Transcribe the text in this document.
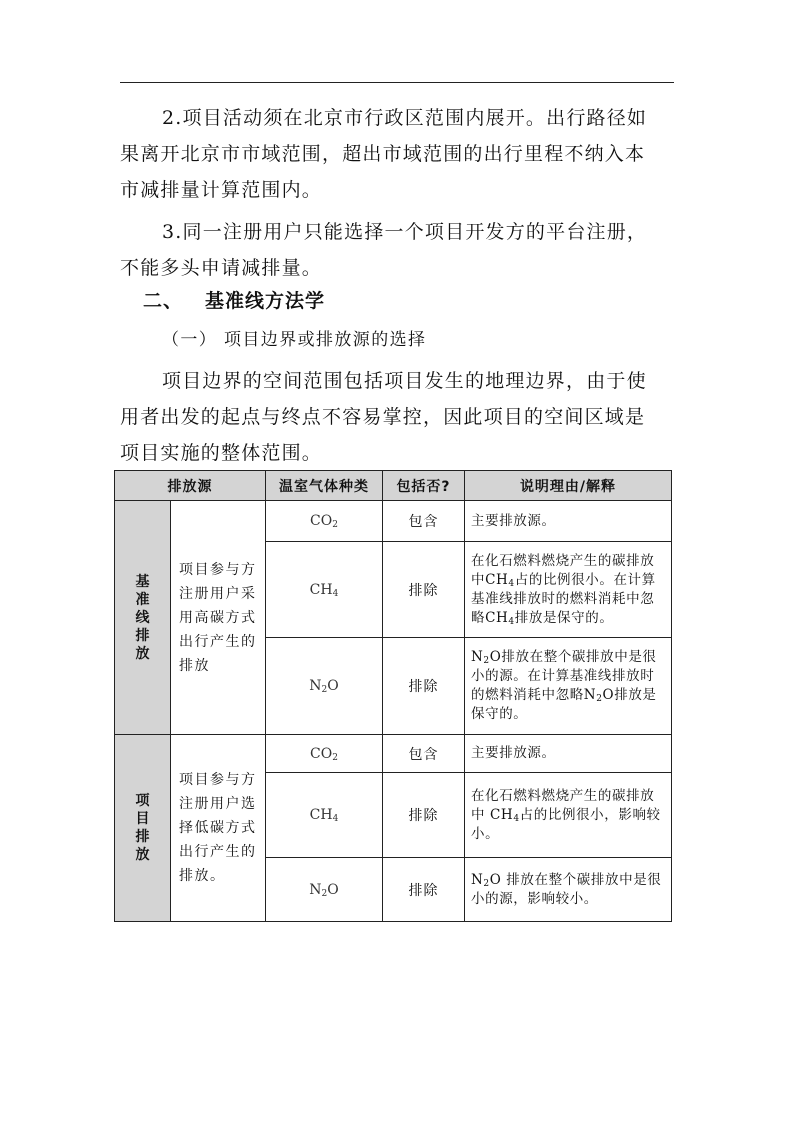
2.项目活动须在北京市行政区范围内展开。出行路径如
果离开北京市市域范围，超出市域范围的出行里程不纳入本
市减排量计算范围内。

3.同一注册用户只能选择一个项目开发方的平台注册，
不能多头申请减排量。

二、 基准线方法学

（一） 项目边界或排放源的选择

项目边界的空间范围包括项目发生的地理边界，由于使
用者出发的起点与终点不容易掌控，因此项目的空间区域是
项目实施的整体范围。

排放源		温室气体种类	包括否?	说明理由/解释
基准线排放	项目参与方注册用户采用高碳方式出行产生的排放	$CO_2$	包含	主要排放源。
		$CH_4$	排除	在化石燃料燃烧产生的碳排放中$CH_4$占的比例很小。在计算基准线排放时的燃料消耗中忽略$CH_4$排放是保守的。
		$N_2O$	排除	$N_2O$排放在整个碳排放中是很小的源。在计算基准线排放时的燃料消耗中忽略$N_2O$排放是保守的。
项目排放	项目参与方注册用户选择低碳方式出行产生的排放。	$CO_2$	包含	主要排放源。
		$CH_4$	排除	在化石燃料燃烧产生的碳排放中 $CH_4$占的比例很小，影响较小。
		$N_2O$	排除	$N_2O$ 排放在整个碳排放中是很小的源，影响较小。
